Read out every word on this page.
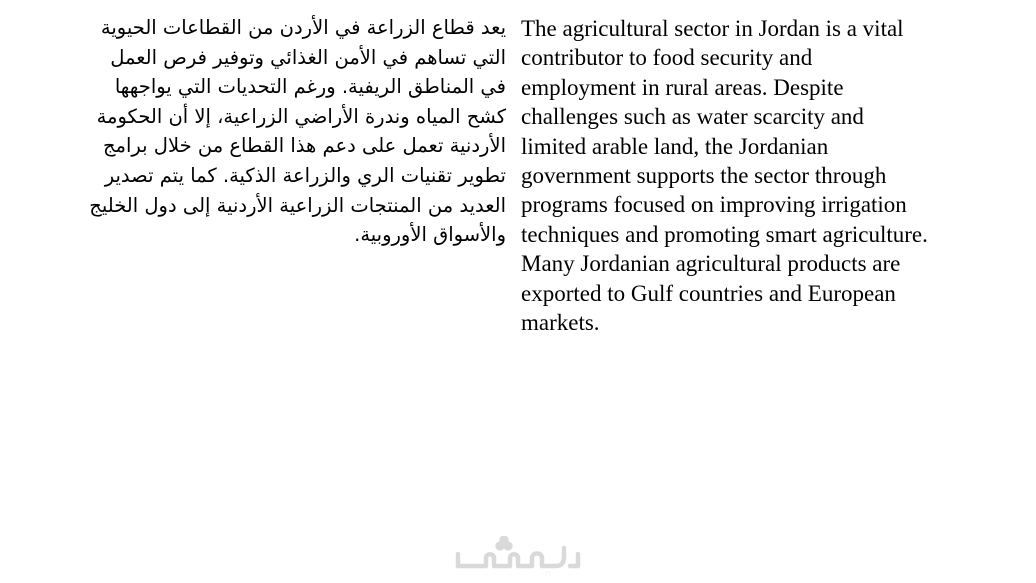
يعد قطاع الزراعة في الأردن من القطاعات الحيوية
التي تساهم في الأمن الغذائي وتوفير فرص العمل
في المناطق الريفية. ورغم التحديات التي يواجهها
كشح المياه وندرة الأراضي الزراعية، إلا أن الحكومة
الأردنية تعمل على دعم هذا القطاع من خلال برامج
تطوير تقنيات الري والزراعة الذكية. كما يتم تصدير
العديد من المنتجات الزراعية الأردنية إلى دول الخليج
والأسواق الأوروبية.
The agricultural sector in Jordan is a vital
contributor to food security and
employment in rural areas. Despite
challenges such as water scarcity and
limited arable land, the Jordanian
government supports the sector through
programs focused on improving irrigation
techniques and promoting smart agriculture.
Many Jordanian agricultural products are
exported to Gulf countries and European
markets.
